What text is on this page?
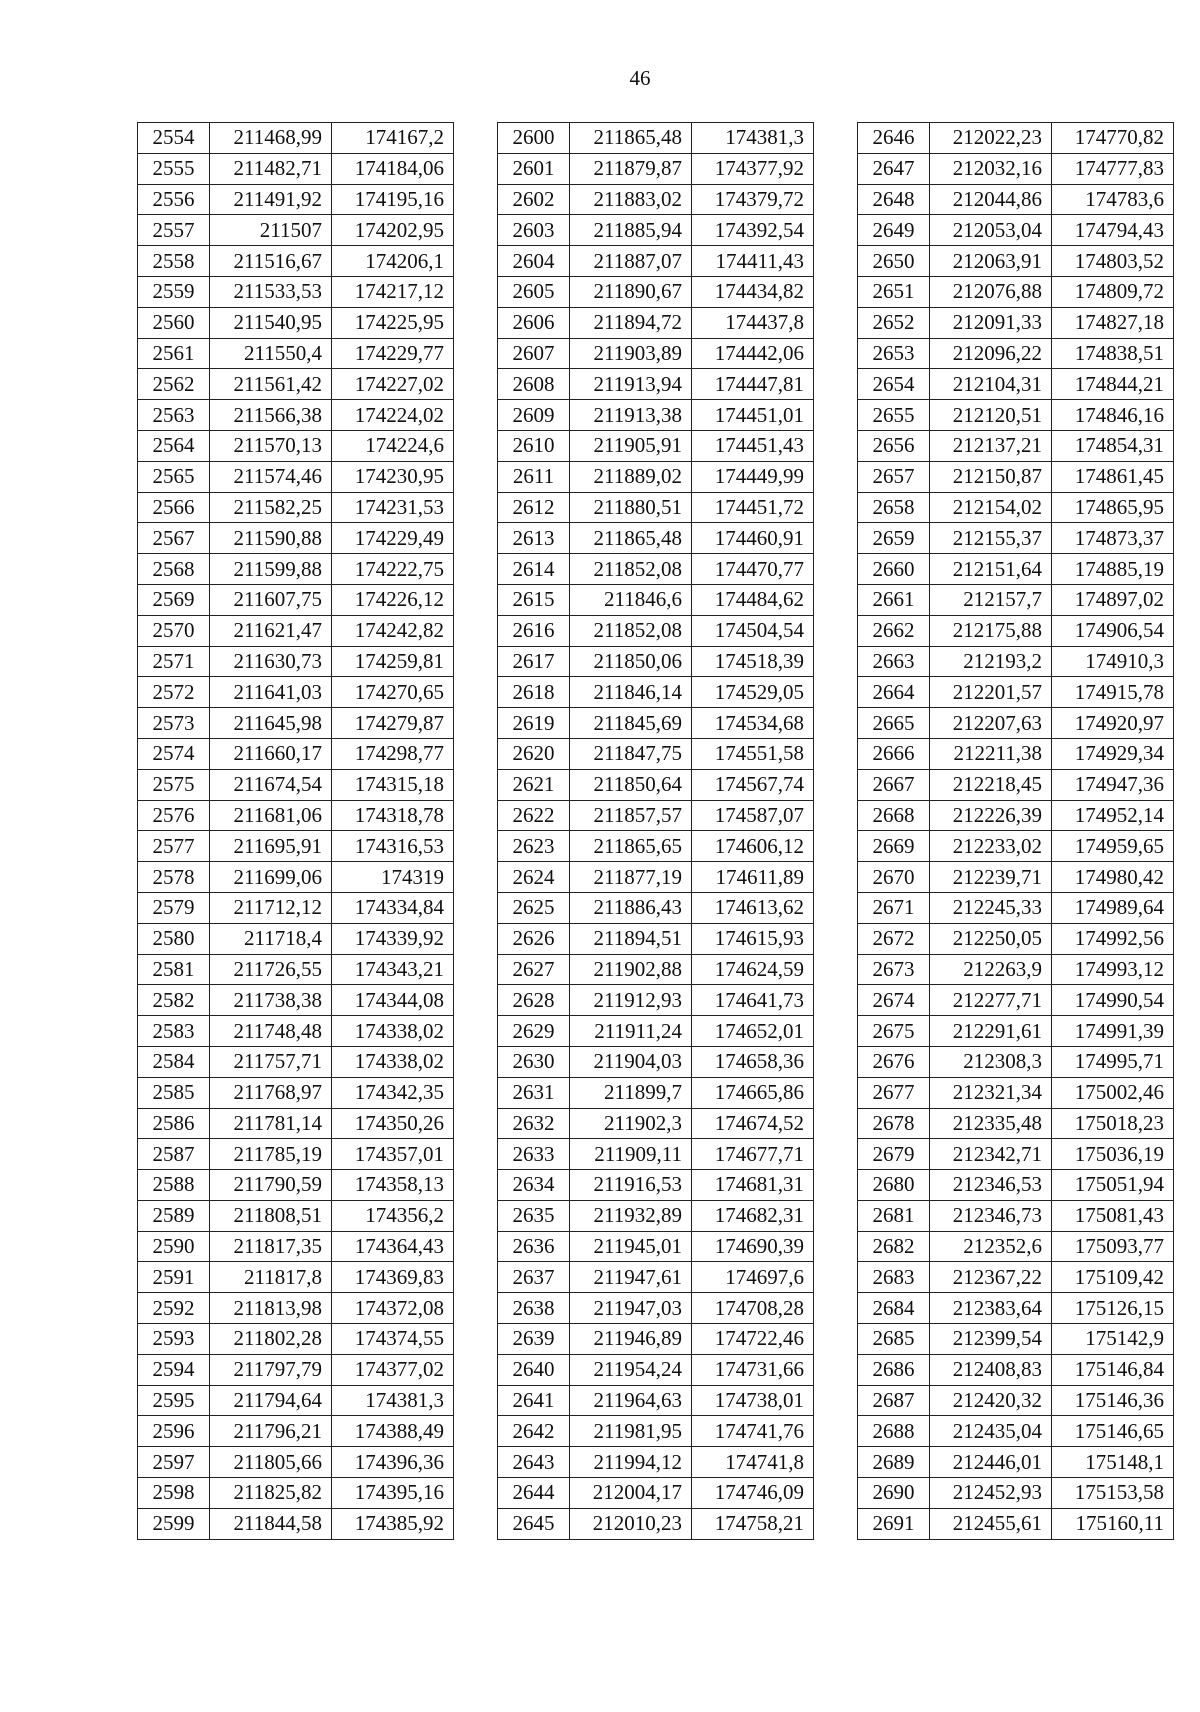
46
2554	211468,99	174167,2
2555	211482,71	174184,06
2556	211491,92	174195,16
2557	211507	174202,95
2558	211516,67	174206,1
2559	211533,53	174217,12
2560	211540,95	174225,95
2561	211550,4	174229,77
2562	211561,42	174227,02
2563	211566,38	174224,02
2564	211570,13	174224,6
2565	211574,46	174230,95
2566	211582,25	174231,53
2567	211590,88	174229,49
2568	211599,88	174222,75
2569	211607,75	174226,12
2570	211621,47	174242,82
2571	211630,73	174259,81
2572	211641,03	174270,65
2573	211645,98	174279,87
2574	211660,17	174298,77
2575	211674,54	174315,18
2576	211681,06	174318,78
2577	211695,91	174316,53
2578	211699,06	174319
2579	211712,12	174334,84
2580	211718,4	174339,92
2581	211726,55	174343,21
2582	211738,38	174344,08
2583	211748,48	174338,02
2584	211757,71	174338,02
2585	211768,97	174342,35
2586	211781,14	174350,26
2587	211785,19	174357,01
2588	211790,59	174358,13
2589	211808,51	174356,2
2590	211817,35	174364,43
2591	211817,8	174369,83
2592	211813,98	174372,08
2593	211802,28	174374,55
2594	211797,79	174377,02
2595	211794,64	174381,3
2596	211796,21	174388,49
2597	211805,66	174396,36
2598	211825,82	174395,16
2599	211844,58	174385,92
2600	211865,48	174381,3
2601	211879,87	174377,92
2602	211883,02	174379,72
2603	211885,94	174392,54
2604	211887,07	174411,43
2605	211890,67	174434,82
2606	211894,72	174437,8
2607	211903,89	174442,06
2608	211913,94	174447,81
2609	211913,38	174451,01
2610	211905,91	174451,43
2611	211889,02	174449,99
2612	211880,51	174451,72
2613	211865,48	174460,91
2614	211852,08	174470,77
2615	211846,6	174484,62
2616	211852,08	174504,54
2617	211850,06	174518,39
2618	211846,14	174529,05
2619	211845,69	174534,68
2620	211847,75	174551,58
2621	211850,64	174567,74
2622	211857,57	174587,07
2623	211865,65	174606,12
2624	211877,19	174611,89
2625	211886,43	174613,62
2626	211894,51	174615,93
2627	211902,88	174624,59
2628	211912,93	174641,73
2629	211911,24	174652,01
2630	211904,03	174658,36
2631	211899,7	174665,86
2632	211902,3	174674,52
2633	211909,11	174677,71
2634	211916,53	174681,31
2635	211932,89	174682,31
2636	211945,01	174690,39
2637	211947,61	174697,6
2638	211947,03	174708,28
2639	211946,89	174722,46
2640	211954,24	174731,66
2641	211964,63	174738,01
2642	211981,95	174741,76
2643	211994,12	174741,8
2644	212004,17	174746,09
2645	212010,23	174758,21
2646	212022,23	174770,82
2647	212032,16	174777,83
2648	212044,86	174783,6
2649	212053,04	174794,43
2650	212063,91	174803,52
2651	212076,88	174809,72
2652	212091,33	174827,18
2653	212096,22	174838,51
2654	212104,31	174844,21
2655	212120,51	174846,16
2656	212137,21	174854,31
2657	212150,87	174861,45
2658	212154,02	174865,95
2659	212155,37	174873,37
2660	212151,64	174885,19
2661	212157,7	174897,02
2662	212175,88	174906,54
2663	212193,2	174910,3
2664	212201,57	174915,78
2665	212207,63	174920,97
2666	212211,38	174929,34
2667	212218,45	174947,36
2668	212226,39	174952,14
2669	212233,02	174959,65
2670	212239,71	174980,42
2671	212245,33	174989,64
2672	212250,05	174992,56
2673	212263,9	174993,12
2674	212277,71	174990,54
2675	212291,61	174991,39
2676	212308,3	174995,71
2677	212321,34	175002,46
2678	212335,48	175018,23
2679	212342,71	175036,19
2680	212346,53	175051,94
2681	212346,73	175081,43
2682	212352,6	175093,77
2683	212367,22	175109,42
2684	212383,64	175126,15
2685	212399,54	175142,9
2686	212408,83	175146,84
2687	212420,32	175146,36
2688	212435,04	175146,65
2689	212446,01	175148,1
2690	212452,93	175153,58
2691	212455,61	175160,11
